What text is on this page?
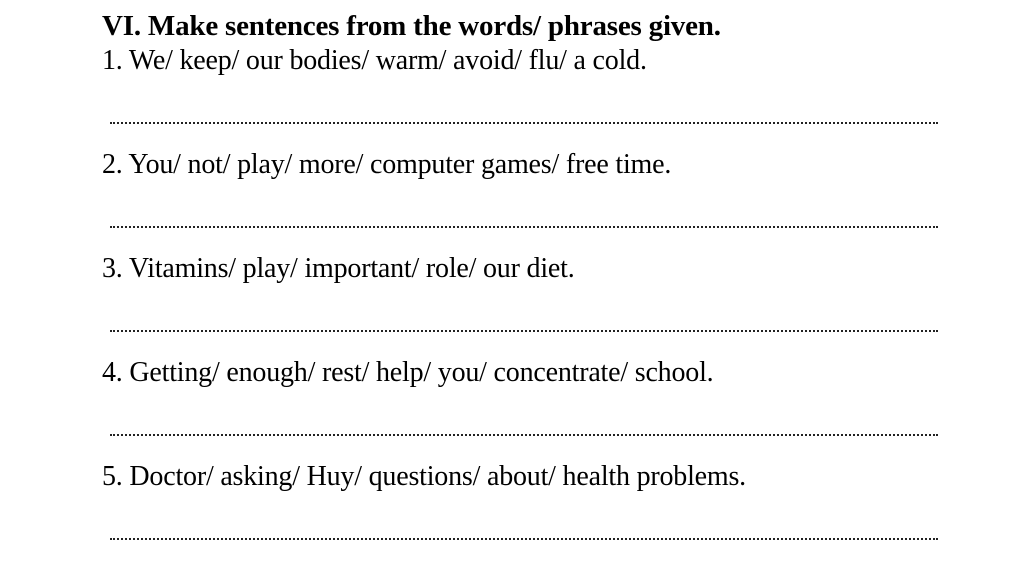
VI. Make sentences from the words/ phrases given.
1. We/ keep/ our bodies/ warm/ avoid/ flu/ a cold.
2. You/ not/ play/ more/ computer games/ free time.
3. Vitamins/ play/ important/ role/ our diet.
4. Getting/ enough/ rest/ help/ you/ concentrate/ school.
5. Doctor/ asking/ Huy/ questions/ about/ health problems.
